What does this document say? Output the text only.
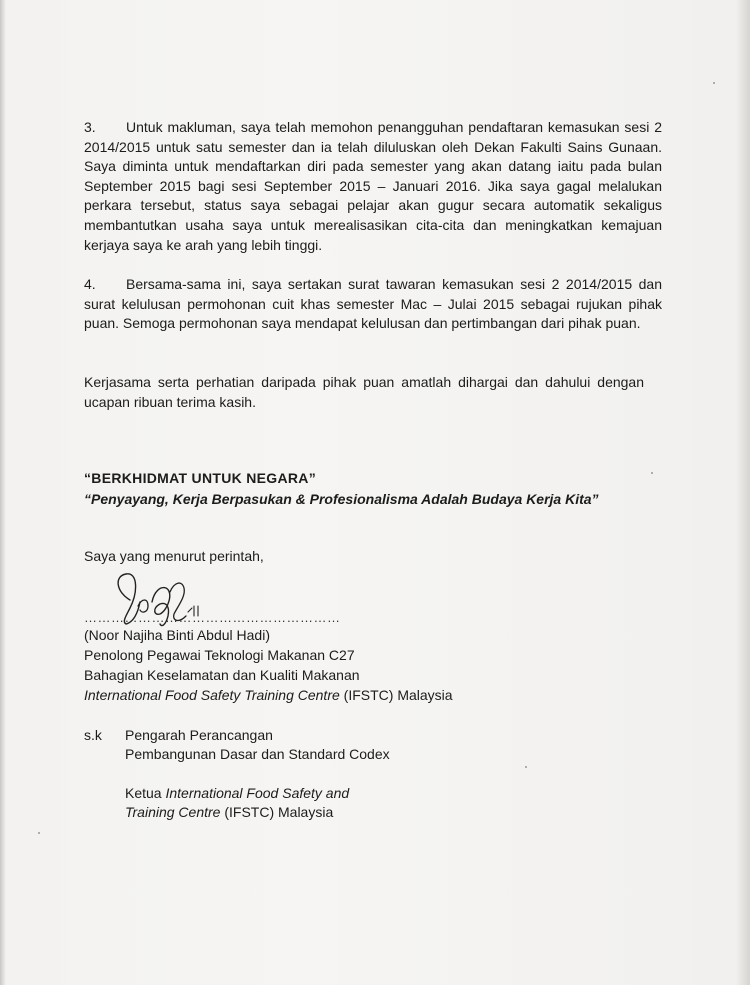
3. Untuk makluman, saya telah memohon penangguhan pendaftaran kemasukan sesi 2 2014/2015 untuk satu semester dan ia telah diluluskan oleh Dekan Fakulti Sains Gunaan. Saya diminta untuk mendaftarkan diri pada semester yang akan datang iaitu pada bulan September 2015 bagi sesi September 2015 – Januari 2016. Jika saya gagal melalukan perkara tersebut, status saya sebagai pelajar akan gugur secara automatik sekaligus membantutkan usaha saya untuk merealisasikan cita-cita dan meningkatkan kemajuan kerjaya saya ke arah yang lebih tinggi.
4. Bersama-sama ini, saya sertakan surat tawaran kemasukan sesi 2 2014/2015 dan surat kelulusan permohonan cuit khas semester Mac – Julai 2015 sebagai rujukan pihak puan. Semoga permohonan saya mendapat kelulusan dan pertimbangan dari pihak puan.
Kerjasama serta perhatian daripada pihak puan amatlah dihargai dan dahului dengan ucapan ribuan terima kasih.
“BERKHIDMAT UNTUK NEGARA”
“Penyayang, Kerja Berpasukan & Profesionalisma Adalah Budaya Kerja Kita”
Saya yang menurut perintah,
…………………………………………………
(Noor Najiha Binti Abdul Hadi)
Penolong Pegawai Teknologi Makanan C27
Bahagian Keselamatan dan Kualiti Makanan
International Food Safety Training Centre (IFSTC) Malaysia
s.k Pengarah Perancangan
Pembangunan Dasar dan Standard Codex
Ketua International Food Safety and
Training Centre (IFSTC) Malaysia
